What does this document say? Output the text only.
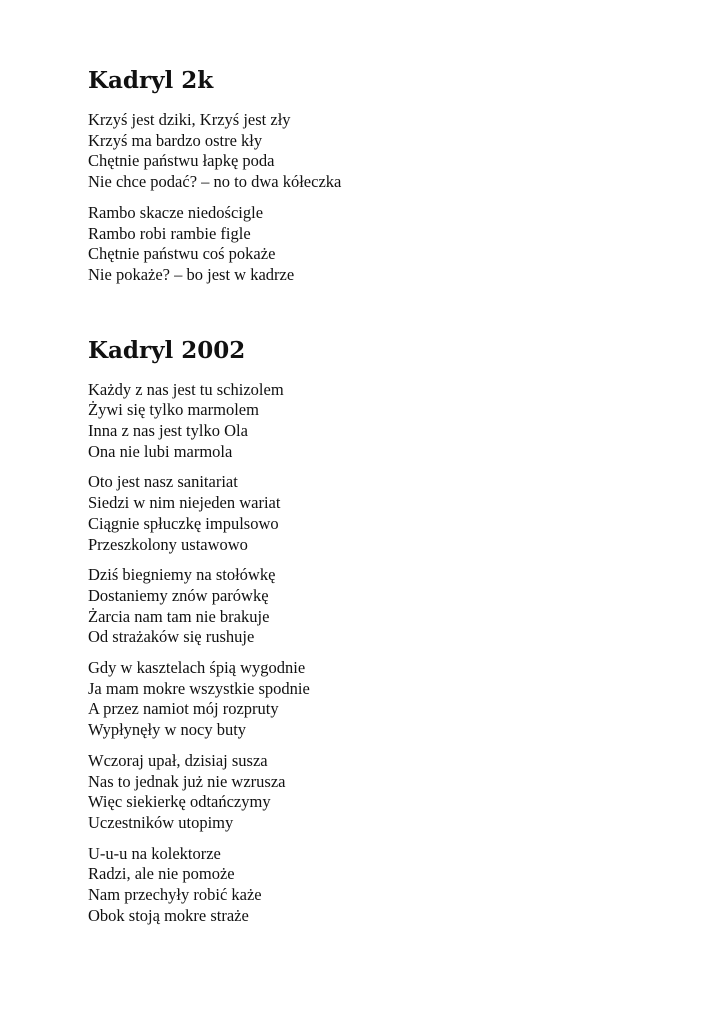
Kadryl 2k
Krzyś jest dziki, Krzyś jest zły
Krzyś ma bardzo ostre kły
Chętnie państwu łapkę poda
Nie chce podać? – no to dwa kółeczka
Rambo skacze niedościgle
Rambo robi rambie figle
Chętnie państwu coś pokaże
Nie pokaże? – bo jest w kadrze
Kadryl 2002
Każdy z nas jest tu schizolem
Żywi się tylko marmolem
Inna z nas jest tylko Ola
Ona nie lubi marmola
Oto jest nasz sanitariat
Siedzi w nim niejeden wariat
Ciągnie spłuczkę impulsowo
Przeszkolony ustawowo
Dziś biegniemy na stołówkę
Dostaniemy znów parówkę
Żarcia nam tam nie brakuje
Od strażaków się rushuje
Gdy w kasztelach śpią wygodnie
Ja mam mokre wszystkie spodnie
A przez namiot mój rozpruty
Wypłynęły w nocy buty
Wczoraj upał, dzisiaj susza
Nas to jednak już nie wzrusza
Więc siekierkę odtańczymy
Uczestników utopimy
U-u-u na kolektorze
Radzi, ale nie pomoże
Nam przechyły robić każe
Obok stoją mokre straże
